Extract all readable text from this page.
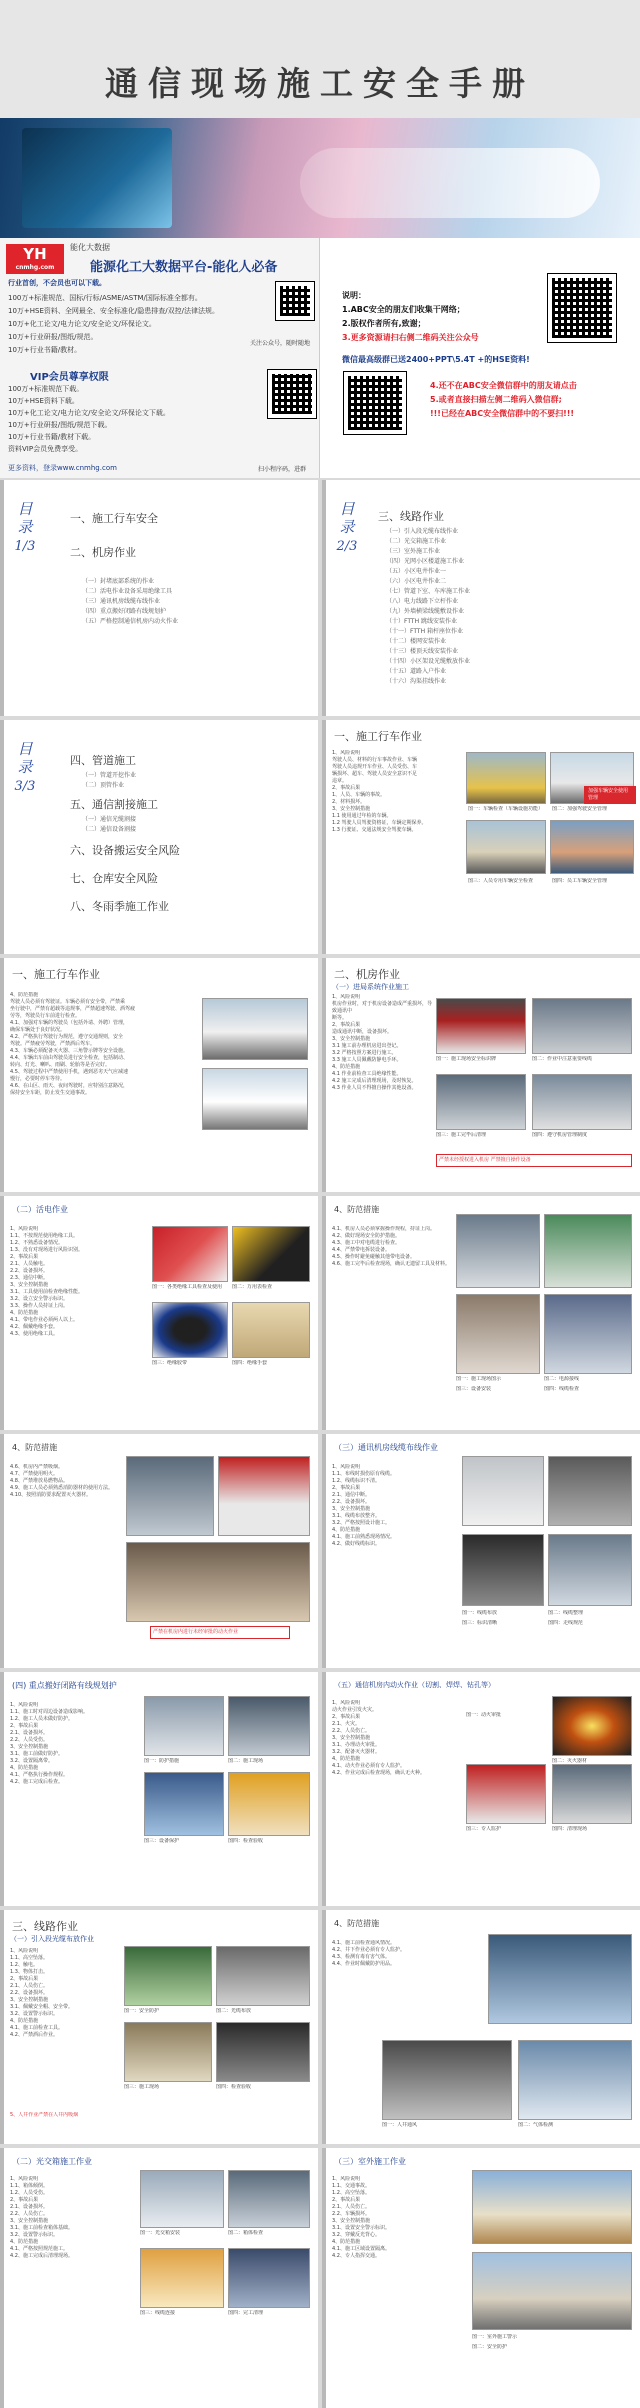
通信现场施工安全手册
YH
cnmhg.com
能化大数据
能源化工大数据平台-能化人必备
行业首创，不会员也可以下载。
100万+标准规范、国标/行标/ASME/ASTM/国际标准全都有。
10万+HSE资料、全网最全、安全标准化/隐患排查/双控/法律法规。
10万+化工论文/电力论文/安全论文/环保论文。
10万+行业研报/图纸/规范。
10万+行业书籍/教材。
VIP会员尊享权限
100万+标准规范下载。
10万+HSE资料下载。
10万+化工论文/电力论文/安全论文/环保论文下载。
10万+行业研报/图纸/规范下载。
10万+行业书籍/教材下载。
资料VIP会员免费享受。
更多资料，登录www.cnmhg.com
关注公众号，随时随地
扫小程序码，进群
说明：
1.ABC安全的朋友们收集干网络；
2.版权作者所有,致谢；
3.更多资源请扫右侧二维码关注公众号
微信最高级群已送2400+PPT\5.4T +的HSE资料!
4.还不在ABC安全微信群中的朋友请点击
5.或者直接扫描左侧二维码入微信群;
!!!已经在ABC安全微信群中的不要扫!!!
目录
1/3
一、施工行车安全
二、机房作业
（一）封堵底部系统的作业
（二）活电作业设备采用绝缘工具
（三）通讯机房线缆布线作业
（四）重点搬好闭路有线规划护
（五）严格控制通信机房内动火作业
目录
2/3
三、线路作业
（一）引入段光缆布线作业
（二）光交箱施工作业
（三）室外施工作业
（四）光网小区楼道施工作业
（五）小区电井作业一
（六）小区电井作业二
（七）管道下室、车库施工作业
（八）电力线路下立杆作业
（九）外墙横梁线缆敷设作业
（十）FTTH 跳线安装作业
（十一）FTTH 箱杆座位作业
（十二）楼网安装作业
（十三）楼顶天线安装作业
（十四）小区架设光缆敷放作业
（十五）道路入户作业
（十六）沟渠挂线作业
目录
3/3
四、管道施工
（一）管道开挖作业
（二）顶管作业
五、通信割接施工
（一）通信光缆割接
（二）通信设备割接
六、设备搬运安全风险
七、仓库安全风险
八、冬雨季施工作业
一、施工行车作业
1、风险说明
驾驶人员、材料的行车事故作业、车辆
驾驶人员违规开车作业、人员受伤、车
辆损坏、超车、驾驶人员安全意识不足
违章。
2、事故后果
1、人员、车辆的事故。
2、材料损坏。
3、安全控制措施
1.1 使用通过年检的车辆。
1.2 驾驶人员驾驶资格证，车辆定期保养。
1.3 行驶证、交通法规安全驾驶车辆。
加强车辆安全使用管理
图一：车辆检查（车辆设施功能）	图二：加强驾驶安全管理
图三：人员专用车辆安全检查	图四：员工车辆安全管理
一、施工行车作业
4、防范措施
驾驶人员必须有驾驶证。车辆必须有安全带，严禁乘
坐行驶中，严禁有超载等违规事，严禁超速驾驶、酒驾疲
劳等，驾驶员行车前进行检查。
4.1、加强对车辆的驾驶员（包括外请、外聘）管理，
确保车辆处于良好状况。
4.2、严格执行驾驶行为规范，遵守交通规则，安全
驾驶。严禁疲劳驾驶，严禁酒后驾车。
4.3、车辆必须配备灭火器、三角警示牌等安全设施。
4.4、车辆出车前由驾驶员进行安全检查，包括制动、
转向、灯光、喇叭、雨刷、轮胎等是否完好。
4.5、驾驶过程中严禁使用手机，遇到恶劣天气应减速
慢行，必要时停车等待。
4.6、在山区、雨天、夜间驾驶时，应特别注意路况，
保持安全车距，防止发生交通事故。
二、机房作业
（一）进局系统作业施工
1、风险说明
机房作业时，对于机房设备造成严重损坏，导致通讯中
断等。
2、事故后果
造成通讯中断，设备损坏。
3、安全控制措施
3.1 施工前办理机房进出登记。
3.2 严格按照方案进行施工。
3.3 施工人员佩戴防静电手环。
4、防范措施
4.1 作业前检查工具绝缘性能。
4.2 施工完成后清理现场，及时恢复。
4.3 作业人员不得擅自操作其他设备。
图一：施工现场安全标识牌	图二：作业中注意重要线缆
图三：施工完毕后清理	图四：遵守机房管理制度
严禁未经授权进入机房 严禁擅自操作设备
（二）活电作业
1、风险说明
1.1、不按规范使用绝缘工具。
1.2、不熟悉设备情况。
1.3、没有对现场进行风险识别。
2、事故后果
2.1、人员触电。
2.2、设备损坏。
2.3、通信中断。
3、安全控制措施
3.1、工具使用前检查绝缘性能。
3.2、设立安全警示标识。
3.3、操作人员持证上岗。
4、防范措施
4.1、带电作业必须两人以上。
4.2、佩戴绝缘手套。
4.3、使用绝缘工具。
图一：各类绝缘工具检查及使用	图二：万用表检查
图三：绝缘胶带	图四：绝缘手套
4、防范措施
4.1、机房人员必须掌握操作规程，持证上岗。
4.2、做好现场安全防护措施。
4.3、施工中对电缆进行检查。
4.4、严禁带电拆装设备。
4.5、操作时避免碰触其他带电设备。
4.6、施工完毕后检查现场，确认无遗留工具及材料。
图一：施工现场图示	图二：电源接线
图三：设备安装	图四：线缆检查
4、防范措施
4.6、机房内严禁吸烟。
4.7、严禁使用明火。
4.8、严禁堆放易燃物品。
4.9、施工人员必须熟悉消防器材的使用方法。
4.10、按照消防要求配置灭火器材。
严禁在机房内进行未经审批的动火作业
（三）通讯机房线缆布线作业
1、风险说明
1.1、布线时损伤原有线缆。
1.2、线缆标识不清。
2、事故后果
2.1、通信中断。
2.2、设备损坏。
3、安全控制措施
3.1、线缆布放整齐。
3.2、严格按照设计施工。
4、防范措施
4.1、施工前熟悉现场情况。
4.2、做好线缆标识。
图一：线缆布放	图二：线缆整理
图三：标识清晰	图四：走线规范
(四) 重点搬好闭路有线规划护
1、风险说明
1.1、施工时对周边设备造成影响。
1.2、施工人员未做好防护。
2、事故后果
2.1、设备损坏。
2.2、人员受伤。
3、安全控制措施
3.1、施工前做好防护。
3.2、设置隔离带。
4、防范措施
4.1、严格执行操作规程。
4.2、施工完成后检查。
图一：防护措施	图二：施工现场
图三：设备保护	图四：检查验收
（五）通信机房内动火作业（切割、焊焊、钻孔等）
1、风险说明
动火作业引发火灾。
2、事故后果
2.1、火灾。
2.2、人员伤亡。
3、安全控制措施
3.1、办理动火审批。
3.2、配备灭火器材。
4、防范措施
4.1、动火作业必须有专人监护。
4.2、作业完成后检查现场，确认无火种。
图一：动火审批
图二：灭火器材
图三：专人监护	图四：清理现场
三、线路作业
（一）引入段光缆布放作业
1、风险说明
1.1、高空坠落。
1.2、触电。
1.3、物体打击。
2、事故后果
2.1、人员伤亡。
2.2、设备损坏。
3、安全控制措施
3.1、佩戴安全帽、安全带。
3.2、设置警示标识。
4、防范措施
4.1、施工前检查工具。
4.2、严禁酒后作业。
图一：安全防护	图二：光缆布放
图三：施工现场	图四：检查验收
5、人井作业严禁在人井内吸烟
4、防范措施
4.1、施工前检查通风情况。
4.2、井下作业必须有专人监护。
4.3、检测有毒有害气体。
4.4、作业时佩戴防护用品。
图一：人井通风	图二：气体检测
（二）光交箱施工作业
1、风险说明
1.1、箱体倾倒。
1.2、人员受伤。
2、事故后果
2.1、设备损坏。
2.2、人员伤亡。
3、安全控制措施
3.1、施工前检查箱体基础。
3.2、设置警示标识。
4、防范措施
4.1、严格按照规范施工。
4.2、施工完成后清理现场。
图一：光交箱安装	图二：箱体检查
图三：线缆连接	图四：完工清理
（三）室外施工作业
1、风险说明
1.1、交通事故。
1.2、高空坠落。
2、事故后果
2.1、人员伤亡。
2.2、车辆损坏。
3、安全控制措施
3.1、设置安全警示标识。
3.2、穿戴反光背心。
4、防范措施
4.1、施工区域设置隔离。
4.2、专人指挥交通。
图一：室外施工警示
图二：安全防护
